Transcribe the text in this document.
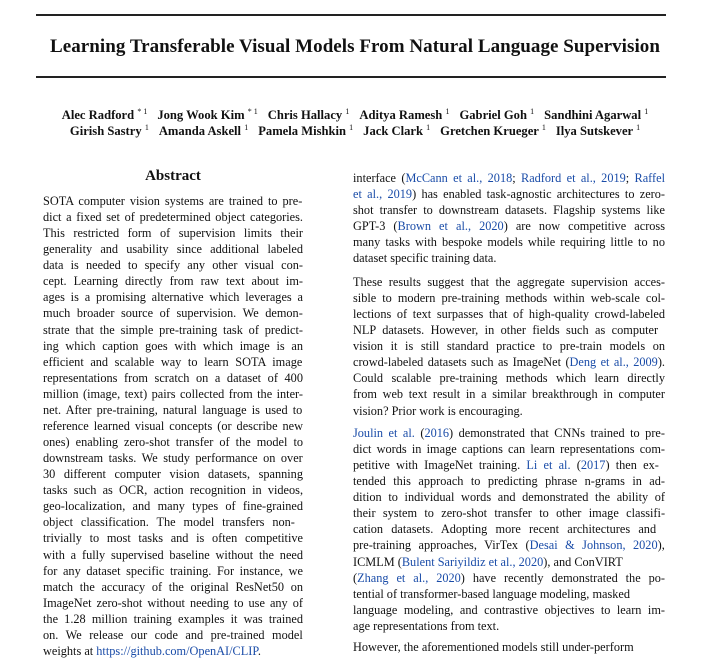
Learning Transferable Visual Models From Natural Language Supervision
Alec Radford $^{* 1}$ Jong Wook Kim $^{* 1}$ Chris Hallacy $^1$ Aditya Ramesh $^1$ Gabriel Goh $^1$ Sandhini Agarwal $^1$
Girish Sastry $^1$ Amanda Askell $^1$ Pamela Mishkin $^1$ Jack Clark $^1$ Gretchen Krueger $^1$ Ilya Sutskever $^1$
Abstract
SOTA computer vision systems are trained to pre-
dict a fixed set of predetermined object categories.
This restricted form of supervision limits their
generality and usability since additional labeled
data is needed to specify any other visual con-
cept. Learning directly from raw text about im-
ages is a promising alternative which leverages a
much broader source of supervision. We demon-
strate that the simple pre-training task of predict-
ing which caption goes with which image is an
efficient and scalable way to learn SOTA image
representations from scratch on a dataset of 400
million (image, text) pairs collected from the inter-
net. After pre-training, natural language is used to
reference learned visual concepts (or describe new
ones) enabling zero-shot transfer of the model to
downstream tasks. We study performance on over
30 different computer vision datasets, spanning
tasks such as OCR, action recognition in videos,
geo-localization, and many types of fine-grained
object classification. The model transfers non-
trivially to most tasks and is often competitive
with a fully supervised baseline without the need
for any dataset specific training. For instance, we
match the accuracy of the original ResNet50 on
ImageNet zero-shot without needing to use any of
the 1.28 million training examples it was trained
on. We release our code and pre-trained model
weights at https://github.com/OpenAI/CLIP.
interface (McCann et al., 2018; Radford et al., 2019; Raffel
et al., 2019) has enabled task-agnostic architectures to zero-
shot transfer to downstream datasets. Flagship systems like
GPT-3 (Brown et al., 2020) are now competitive across
many tasks with bespoke models while requiring little to no
dataset specific training data.
These results suggest that the aggregate supervision acces-
sible to modern pre-training methods within web-scale col-
lections of text surpasses that of high-quality crowd-labeled
NLP datasets. However, in other fields such as computer
vision it is still standard practice to pre-train models on
crowd-labeled datasets such as ImageNet (Deng et al., 2009).
Could scalable pre-training methods which learn directly
from web text result in a similar breakthrough in computer
vision? Prior work is encouraging.
Joulin et al. (2016) demonstrated that CNNs trained to pre-
dict words in image captions can learn representations com-
petitive with ImageNet training. Li et al. (2017) then ex-
tended this approach to predicting phrase n-grams in ad-
dition to individual words and demonstrated the ability of
their system to zero-shot transfer to other image classifi-
cation datasets. Adopting more recent architectures and
pre-training approaches, VirTex (Desai & Johnson, 2020),
ICMLM (Bulent Sariyildiz et al., 2020), and ConVIRT
(Zhang et al., 2020) have recently demonstrated the po-
tential of transformer-based language modeling, masked
language modeling, and contrastive objectives to learn im-
age representations from text.
However, the aforementioned models still under-perform
